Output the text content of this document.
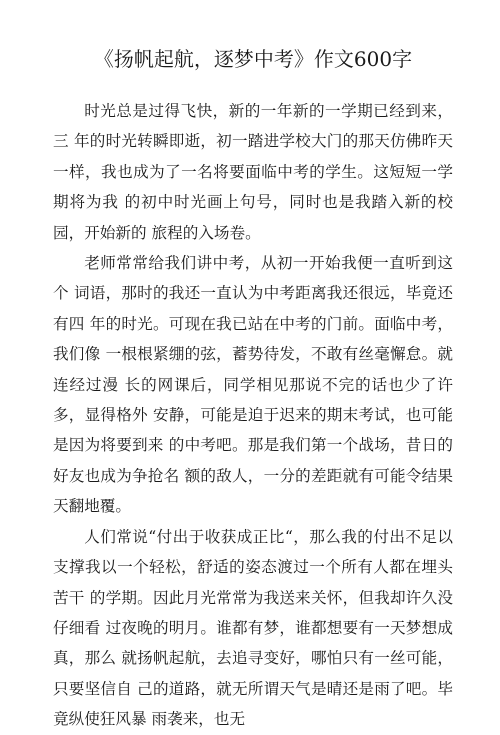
《扬帆起航，逐梦中考》作文600字

时光总是过得飞快，新的一年新的一学期已经到来，三 年的时光转瞬即逝，初一踏进学校大门的那天仿佛昨天一样，我也成为了一名将要面临中考的学生。这短短一学期将为我 的初中时光画上句号，同时也是我踏入新的校园，开始新的 旅程的入场卷。

老师常常给我们讲中考，从初一开始我便一直听到这个 词语，那时的我还一直认为中考距离我还很远，毕竟还有四 年的时光。可现在我已站在中考的门前。面临中考，我们像 一根根紧绷的弦，蓄势待发，不敢有丝毫懈怠。就连经过漫 长的网课后，同学相见那说不完的话也少了许多，显得格外 安静，可能是迫于迟来的期末考试，也可能是因为将要到来 的中考吧。那是我们第一个战场，昔日的好友也成为争抢名 额的敌人，一分的差距就有可能令结果天翻地覆。

人们常说“付出于收获成正比“，那么我的付出不足以支撑我以一个轻松，舒适的姿态渡过一个所有人都在埋头苦干 的学期。因此月光常常为我送来关怀，但我却许久没仔细看 过夜晚的明月。谁都有梦，谁都想要有一天梦想成真，那么 就扬帆起航，去追寻变好，哪怕只有一丝可能，只要坚信自 己的道路，就无所谓天气是晴还是雨了吧。毕竟纵使狂风暴 雨袭来，也无
